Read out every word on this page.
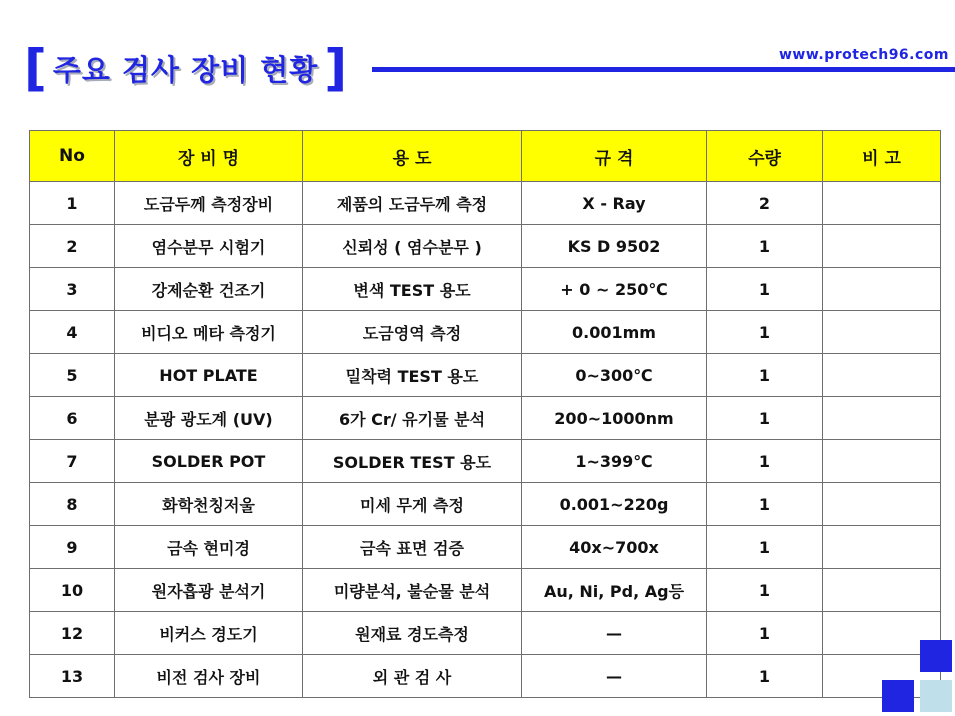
[ 주요 검사 장비 현황 ]	www.protech96.com
No	장 비 명	용 도	규 격	수량	비 고
1	도금두께 측정장비	제품의 도금두께 측정	X - Ray	2	
2	염수분무 시험기	신뢰성 ( 염수분무 )	KS D 9502	1	
3	강제순환 건조기	변색 TEST 용도	+ 0 ~ 250℃	1	
4	비디오 메타 측정기	도금영역 측정	0.001mm	1	
5	HOT PLATE	밀착력 TEST 용도	0~300℃	1	
6	분광 광도계 (UV)	6가 Cr/ 유기물 분석	200~1000nm	1	
7	SOLDER POT	SOLDER TEST 용도	1~399℃	1	
8	화학천칭저울	미세 무게 측정	0.001~220g	1	
9	금속 현미경	금속 표면 검증	40x~700x	1	
10	원자흡광 분석기	미량분석, 불순물 분석	Au, Ni, Pd, Ag등	1	
12	비커스 경도기	원재료 경도측정	—	1	
13	비전 검사 장비	외 관 검 사	—	1	
